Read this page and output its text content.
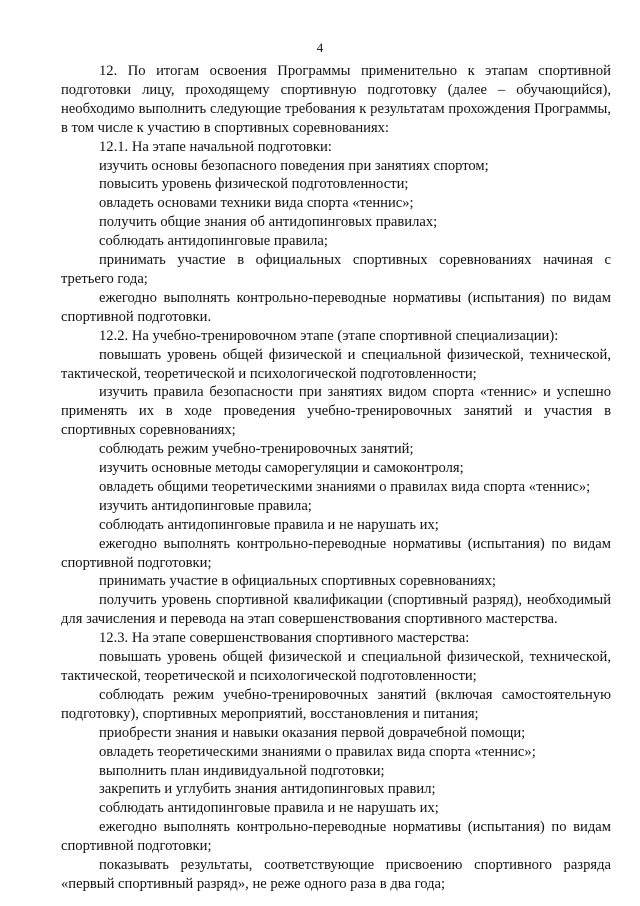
4

12. По итогам освоения Программы применительно к этапам спортивной подготовки лицу, проходящему спортивную подготовку (далее – обучающийся), необходимо выполнить следующие требования к результатам прохождения Программы, в том числе к участию в спортивных соревнованиях:

12.1. На этапе начальной подготовки:

изучить основы безопасного поведения при занятиях спортом;

повысить уровень физической подготовленности;

овладеть основами техники вида спорта «теннис»;

получить общие знания об антидопинговых правилах;

соблюдать антидопинговые правила;

принимать участие в официальных спортивных соревнованиях начиная с третьего года;

ежегодно выполнять контрольно-переводные нормативы (испытания) по видам спортивной подготовки.

12.2. На учебно-тренировочном этапе (этапе спортивной специализации):

повышать уровень общей физической и специальной физической, технической, тактической, теоретической и психологической подготовленности;

изучить правила безопасности при занятиях видом спорта «теннис» и успешно применять их в ходе проведения учебно-тренировочных занятий и участия в спортивных соревнованиях;

соблюдать режим учебно-тренировочных занятий;

изучить основные методы саморегуляции и самоконтроля;

овладеть общими теоретическими знаниями о правилах вида спорта «теннис»;

изучить антидопинговые правила;

соблюдать антидопинговые правила и не нарушать их;

ежегодно выполнять контрольно-переводные нормативы (испытания) по видам спортивной подготовки;

принимать участие в официальных спортивных соревнованиях;

получить уровень спортивной квалификации (спортивный разряд), необходимый для зачисления и перевода на этап совершенствования спортивного мастерства.

12.3. На этапе совершенствования спортивного мастерства:

повышать уровень общей физической и специальной физической, технической, тактической, теоретической и психологической подготовленности;

соблюдать режим учебно-тренировочных занятий (включая самостоятельную подготовку), спортивных мероприятий, восстановления и питания;

приобрести знания и навыки оказания первой доврачебной помощи;

овладеть теоретическими знаниями о правилах вида спорта «теннис»;

выполнить план индивидуальной подготовки;

закрепить и углубить знания антидопинговых правил;

соблюдать антидопинговые правила и не нарушать их;

ежегодно выполнять контрольно-переводные нормативы (испытания) по видам спортивной подготовки;

показывать результаты, соответствующие присвоению спортивного разряда «первый спортивный разряд», не реже одного раза в два года;
